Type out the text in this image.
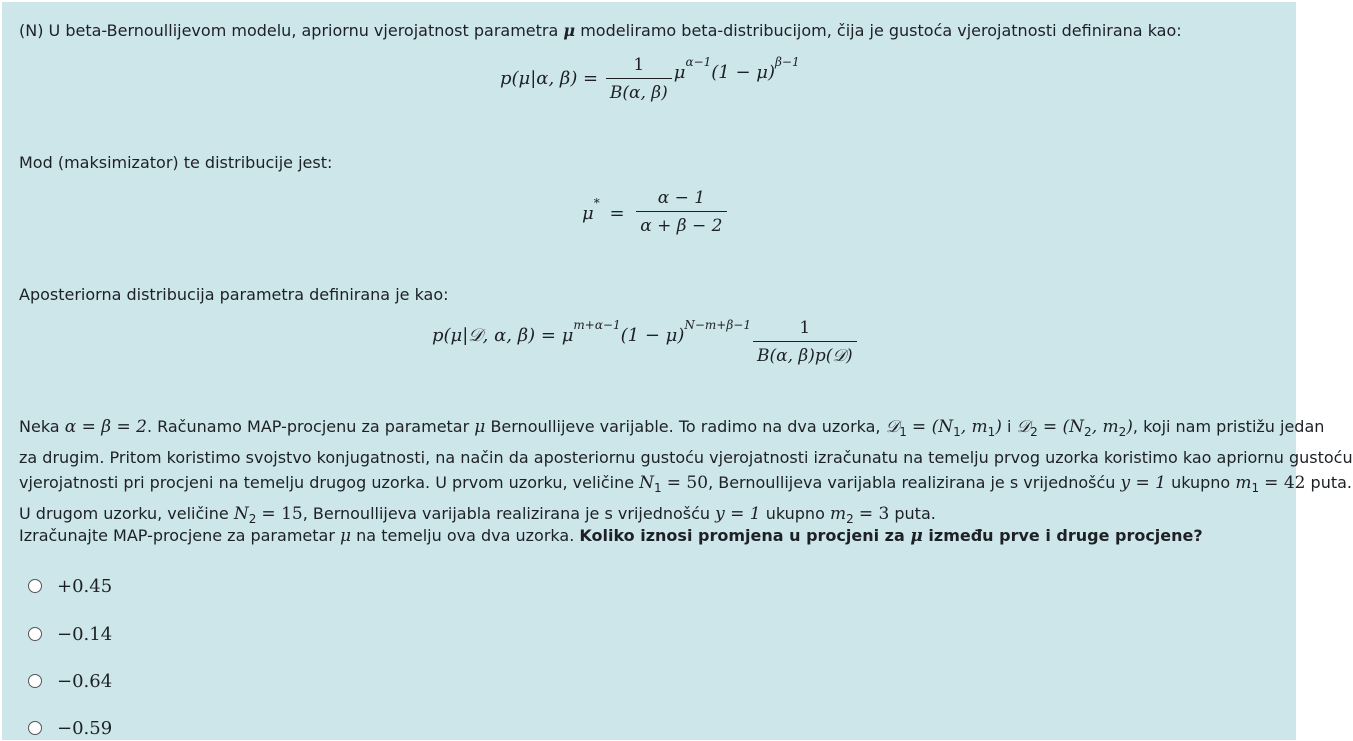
(N) U beta-Bernoullijevom modelu, apriornu vjerojatnost parametra μ modeliramo beta-distribucijom, čija je gustoća vjerojatnosti definirana kao:
p(μ|α, $\beta) = \frac{1}{B(\alpha, \beta)} \mu^{\alpha-1}(1 - \mu)^{\beta-1}$
Mod (maksimizator) te distribucije jest:
$\mu^* = \frac{\alpha - 1}{\alpha + \beta - 2}$
Aposteriorna distribucija parametra definirana je kao:
p(μ|𝒟, α, $\beta) = \mu^{m+\alpha-1}(1 - \mu)^{N-m+\beta-1} \frac{1}{\text{B(α, β)p(𝒟)}}$
Neka α = β = 2. Računamo MAP-procjenu za parametar μ Bernoullijeve varijable. To radimo na dva uzorka, 𝒟$_1$ = ($N_1$, $m_1$) i 𝒟$_2$ = ($N_2$, $m_2$), koji nam pristižu jedan
za drugim. Pritom koristimo svojstvo konjugatnosti, na način da aposteriornu gustoću vjerojatnosti izračunatu na temelju prvog uzorka koristimo kao apriornu gustoću
vjerojatnosti pri procjeni na temelju drugog uzorka. U prvom uzorku, veličine $N_1 = 50$, Bernoullijeva varijabla realizirana je s vrijednošću y = 1 ukupno $m_1 = 42$ puta.
U drugom uzorku, veličine $N_2 = 15$, Bernoullijeva varijabla realizirana je s vrijednošću y = 1 ukupno $m_2 = 3$ puta.
Izračunajte MAP-procjene za parametar μ na temelju ova dva uzorka. Koliko iznosi promjena u procjeni za μ između prve i druge procjene?
+0.45
−0.14
−0.64
−0.59
